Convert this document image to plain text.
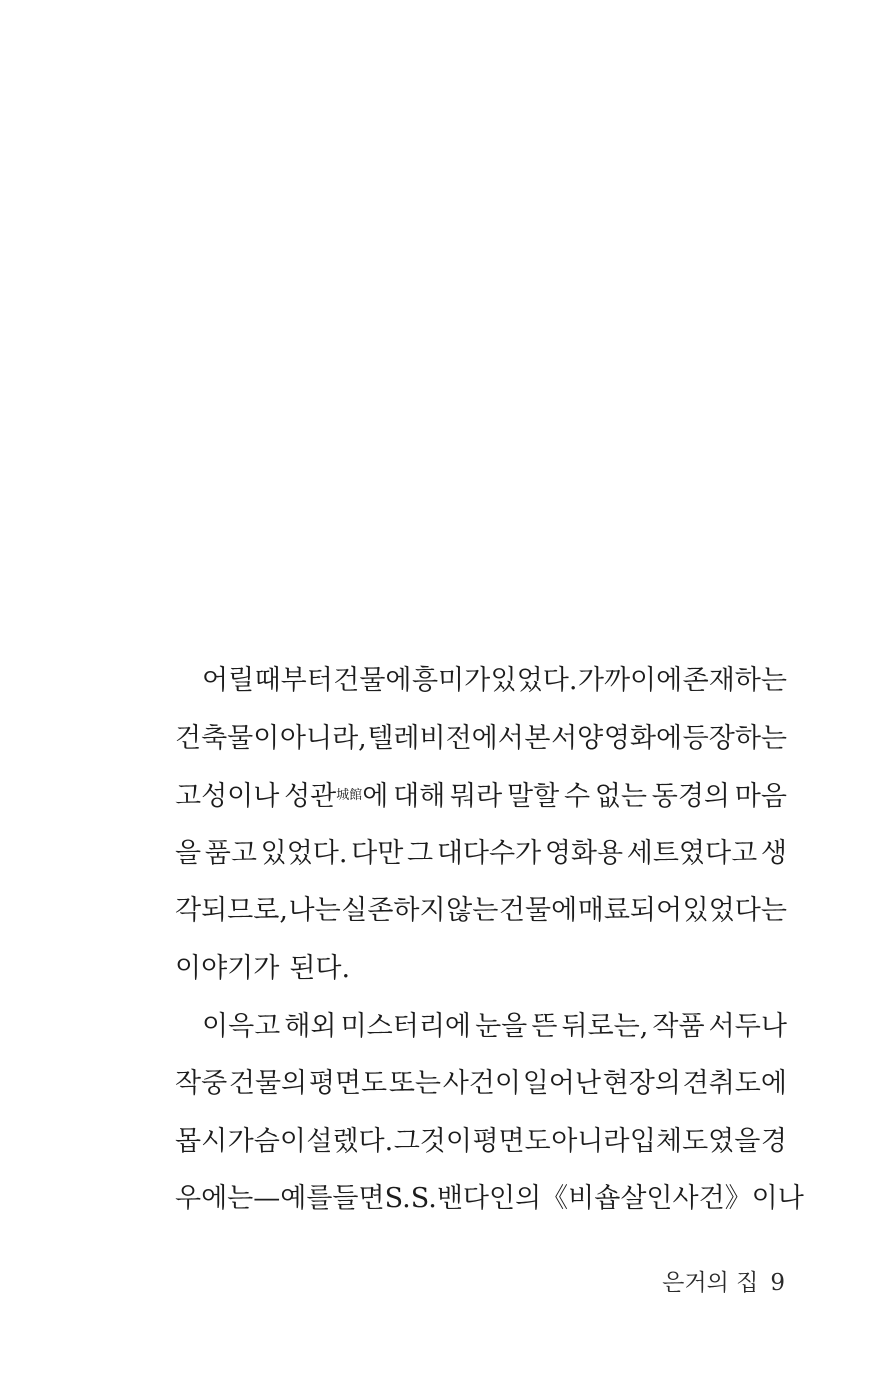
어릴 때부터 건물에 흥미가 있었다. 가까이에 존재하는
건축물이 아니라, 텔레비전에서 본 서양 영화에 등장하는
고성이나 성관$^{城館}$에 대해 뭐라 말할 수 없는 동경의 마음
을 품고 있었다. 다만 그 대다수가 영화용 세트였다고 생
각되므로, 나는 실존하지 않는 건물에 매료되어 있었다는
이야기가 된다.
이윽고 해외 미스터리에 눈을 뜬 뒤로는, 작품 서두나
작중 건물의 평면도 또는 사건이 일어난 현장의 견취도에
몹시 가슴이 설렜다. 그것이 평면도 아니라 입체도였을 경
우에는—예를 들면 S.S. 밴 다인의《비숍 살인 사건》이나
은거의 집 9
